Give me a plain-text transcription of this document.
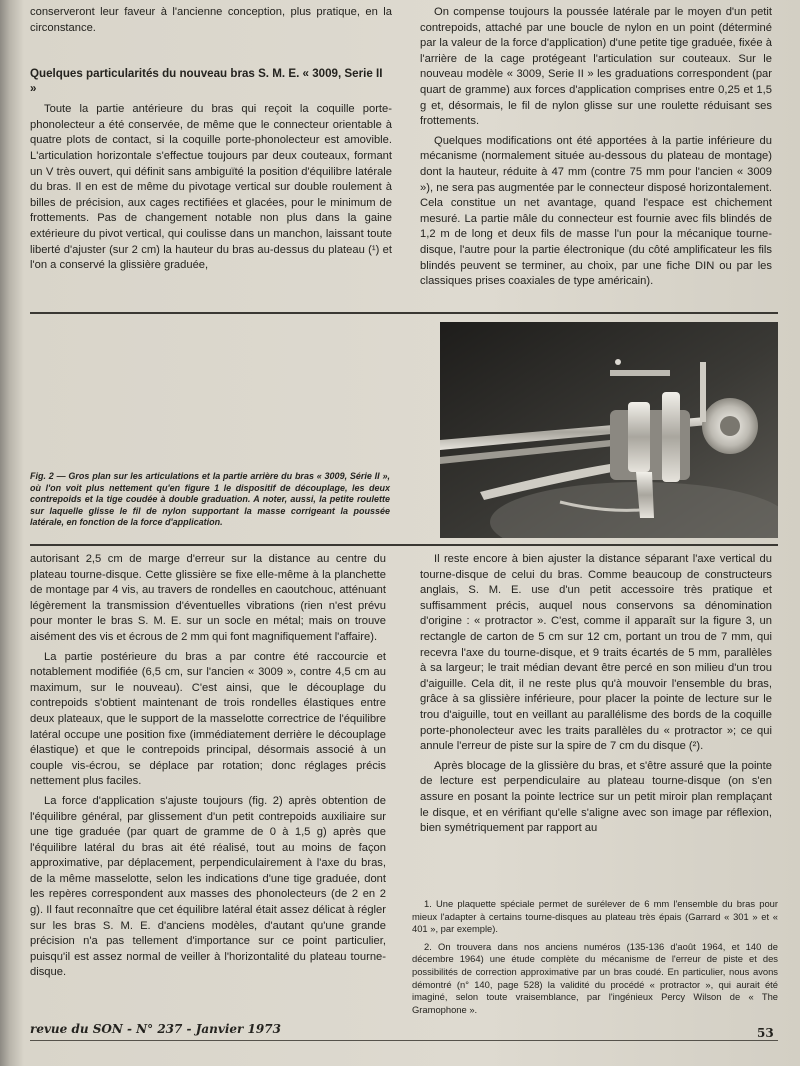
conserveront leur faveur à l'ancienne conception, plus pratique, en la circonstance.

Quelques particularités du nouveau bras S. M. E. « 3009, Serie II »

Toute la partie antérieure du bras qui reçoit la coquille porte-phonolecteur a été conservée, de même que le connecteur orientable à quatre plots de contact, si la coquille porte-phonolecteur est amovible. L'articulation horizontale s'effectue toujours par deux couteaux, formant un V très ouvert, qui définit sans ambiguïté la position d'équilibre latérale du bras. Il en est de même du pivotage vertical sur double roulement à billes de précision, aux cages rectifiées et glacées, pour le minimum de frottements. Pas de changement notable non plus dans la gaine extérieure du pivot vertical, qui coulisse dans un manchon, laissant toute liberté d'ajuster (sur 2 cm) la hauteur du bras au-dessus du plateau (¹) et l'on a conservé la glissière graduée,

On compense toujours la poussée latérale par le moyen d'un petit contrepoids, attaché par une boucle de nylon en un point (déterminé par la valeur de la force d'application) d'une petite tige graduée, fixée à l'arrière de la cage protégeant l'articulation sur couteaux. Sur le nouveau modèle « 3009, Serie II » les graduations correspondent (par quart de gramme) aux forces d'application comprises entre 0,25 et 1,5 g et, désormais, le fil de nylon glisse sur une roulette réduisant ses frottements.

Quelques modifications ont été apportées à la partie inférieure du mécanisme (normalement située au-dessous du plateau de montage) dont la hauteur, réduite à 47 mm (contre 75 mm pour l'ancien « 3009 »), ne sera pas augmentée par le connecteur disposé horizontalement. Cela constitue un net avantage, quand l'espace est chichement mesuré. La partie mâle du connecteur est fournie avec fils blindés de 1,2 m de long et deux fils de masse l'un pour la mécanique tourne-disque, l'autre pour la partie électronique (du côté amplificateur les fils blindés peuvent se terminer, au choix, par une fiche DIN ou par les classiques prises coaxiales de type américain).

Fig. 2 — Gros plan sur les articulations et la partie arrière du bras « 3009, Série II », où l'on voit plus nettement qu'en figure 1 le dispositif de découplage, les deux contrepoids et la tige coudée à double graduation. A noter, aussi, la petite roulette sur laquelle glisse le fil de nylon supportant la masse corrigeant la poussée latérale, en fonction de la force d'application.

autorisant 2,5 cm de marge d'erreur sur la distance au centre du plateau tourne-disque. Cette glissière se fixe elle-même à la planchette de montage par 4 vis, au travers de rondelles en caoutchouc, atténuant légèrement la transmission d'éventuelles vibrations (rien n'est prévu pour monter le bras S. M. E. sur un socle en métal; mais on trouve aisément des vis et écrous de 2 mm qui font magnifiquement l'affaire).

La partie postérieure du bras a par contre été raccourcie et notablement modifiée (6,5 cm, sur l'ancien « 3009 », contre 4,5 cm au maximum, sur le nouveau). C'est ainsi, que le découplage du contrepoids s'obtient maintenant de trois rondelles élastiques entre deux plateaux, que le support de la masselotte correctrice de l'équilibre latéral occupe une position fixe (immédiatement derrière le découplage élastique) et que le contrepoids principal, désormais associé à un couple vis-écrou, se déplace par rotation; donc réglages précis nettement plus faciles.

La force d'application s'ajuste toujours (fig. 2) après obtention de l'équilibre général, par glissement d'un petit contrepoids auxiliaire sur une tige graduée (par quart de gramme de 0 à 1,5 g) après que l'équilibre latéral du bras ait été réalisé, tout au moins de façon approximative, par déplacement, perpendiculairement à l'axe du bras, de la même masselotte, selon les indications d'une tige graduée, dont les repères correspondent aux masses des phonolecteurs (de 2 en 2 g). Il faut reconnaître que cet équilibre latéral était assez délicat à régler sur les bras S. M. E. d'anciens modèles, d'autant qu'une grande précision n'a pas tellement d'importance sur ce point particulier, puisqu'il est assez normal de veiller à l'horizontalité du plateau tourne-disque.

Il reste encore à bien ajuster la distance séparant l'axe vertical du tourne-disque de celui du bras. Comme beaucoup de constructeurs anglais, S. M. E. use d'un petit accessoire très pratique et suffisamment précis, auquel nous conservons sa dénomination d'origine : « protractor ». C'est, comme il apparaît sur la figure 3, un rectangle de carton de 5 cm sur 12 cm, portant un trou de 7 mm, qui recevra l'axe du tourne-disque, et 9 traits écartés de 5 mm, parallèles à sa largeur; le trait médian devant être percé en son milieu d'un trou d'aiguille. Cela dit, il ne reste plus qu'à mouvoir l'ensemble du bras, grâce à sa glissière inférieure, pour placer la pointe de lecture sur le trou d'aiguille, tout en veillant au parallélisme des bords de la coquille porte-phonolecteur avec les traits parallèles du « protractor »; ce qui annule l'erreur de piste sur la spire de 7 cm du disque (²).

Après blocage de la glissière du bras, et s'être assuré que la pointe de lecture est perpendiculaire au plateau tourne-disque (on s'en assure en posant la pointe lectrice sur un petit miroir plan remplaçant le disque, et en vérifiant qu'elle s'aligne avec son image par réflexion, bien symétriquement par rapport au

1. Une plaquette spéciale permet de surélever de 6 mm l'ensemble du bras pour mieux l'adapter à certains tourne-disques au plateau très épais (Garrard « 301 » et « 401 », par exemple).

2. On trouvera dans nos anciens numéros (135-136 d'août 1964, et 140 de décembre 1964) une étude complète du mécanisme de l'erreur de piste et des possibilités de correction approximative par un bras coudé. En particulier, nous avons démontré (n° 140, page 528) la validité du procédé « protractor », qui aurait été imaginé, selon toute vraisemblance, par l'ingénieux Percy Wilson de « The Gramophone ».

revue du SON - N° 237 - Janvier 1973	53
